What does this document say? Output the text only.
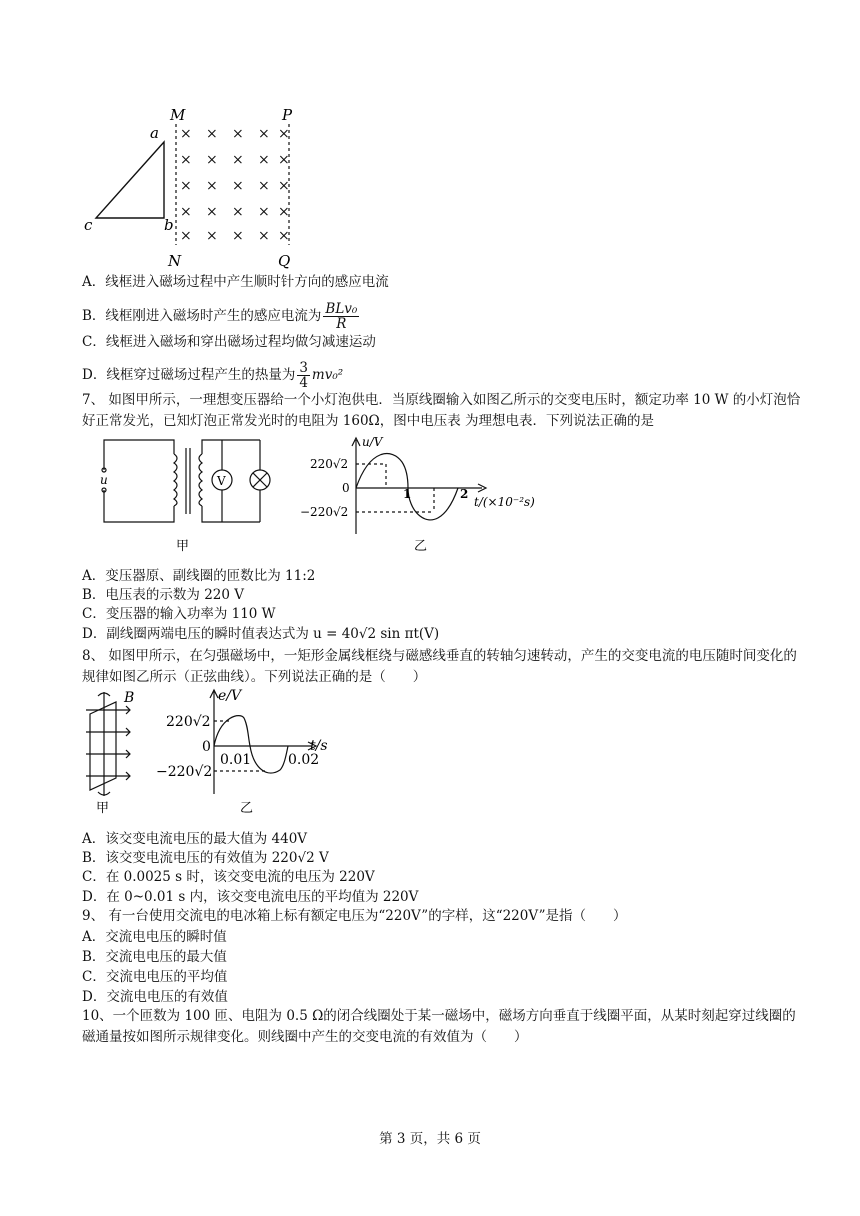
M	P
N	Q
a
b
c
× × × × ×
× × × × ×
× × × × ×
× × × × ×
× × × × ×
A．线框进入磁场过程中产生顺时针方向的感应电流
B．线框刚进入磁场时产生的感应电流为 $\frac{\text{BLv₀}}{R}$
C．线框进入磁场和穿出磁场过程均做匀减速运动
D．线框穿过磁场过程产生的热量为 $\frac{3}{4} mv_0^2$
7、 如图甲所示，一理想变压器给一个小灯泡供电．当原线圈输入如图乙所示的交变电压时，额定功率 10 W 的小灯泡恰好正常发光，已知灯泡正常发光时的电阻为 160Ω，图中电压表 为理想电表．下列说法正确的是
V
u
甲
u/V
220√2
0
−220√2
1	2
t/(×10⁻²s)
乙
A．变压器原、副线圈的匝数比为 11:2
B．电压表的示数为 220 V
C．变压器的输入功率为 110 W
D．副线圈两端电压的瞬时值表达式为 u = 40√2 sin πt(V)
8、 如图甲所示，在匀强磁场中，一矩形金属线框绕与磁感线垂直的转轴匀速转动，产生的交变电流的电压随时间变化的规律如图乙所示（正弦曲线）。下列说法正确的是（　　）
B
甲
e/V
220√2
0
−220√2
0.01	0.02
t/s
乙
A．该交变电流电压的最大值为 440V
B．该交变电流电压的有效值为 220√2 V
C．在 0.0025 s 时，该交变电流的电压为 220V
D．在 0~0.01 s 内，该交变电流电压的平均值为 220V
9、 有一台使用交流电的电冰箱上标有额定电压为“220V”的字样，这“220V”是指（　　）
A．交流电电压的瞬时值
B．交流电电压的最大值
C．交流电电压的平均值
D．交流电电压的有效值
10、一个匝数为 100 匝、电阻为 0.5 Ω的闭合线圈处于某一磁场中，磁场方向垂直于线圈平面，从某时刻起穿过线圈的磁通量按如图所示规律变化。则线圈中产生的交变电流的有效值为（　　）
第 3 页，共 6 页
